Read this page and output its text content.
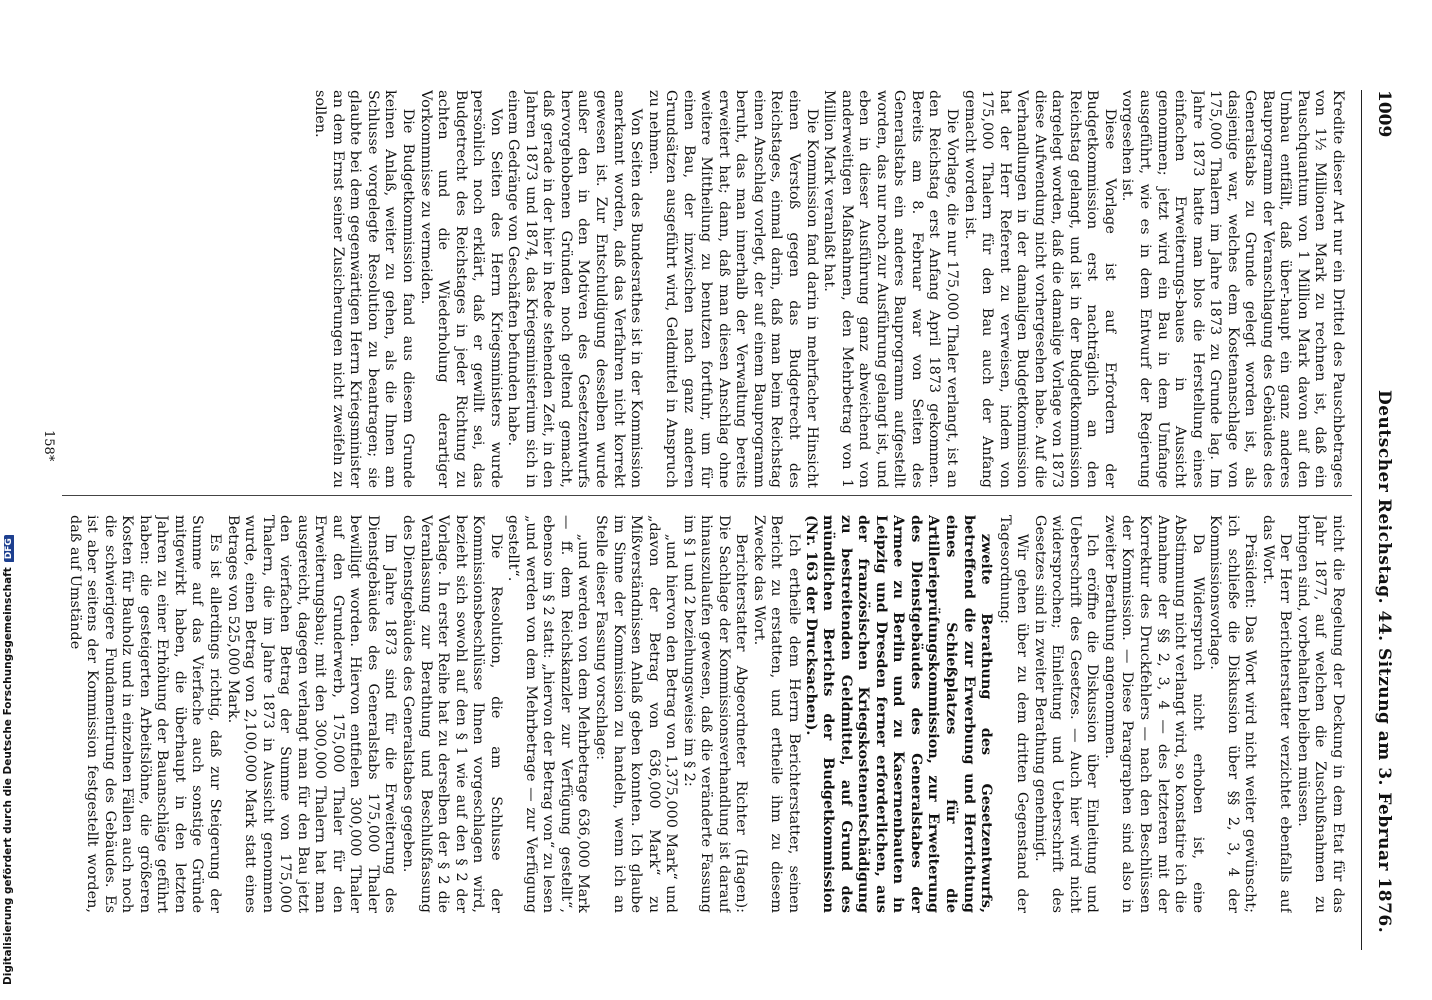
Digitalisierung gefördert durch die Deutsche ForschungsgemeinschaftDFG
1009
Deutscher Reichstag. 44. Sitzung am 3. Februar 1876.

Kredite dieser Art nur ein Drittel des Pauschbetrages von 1½ Millionen Mark zu rechnen ist, daß ein Pauschquantum von 1 Million Mark davon auf den Umbau entfällt, daß über-haupt ein ganz anderes Bauprogramm der Veranschlagung des Gebäudes des Generalstabs zu Grunde gelegt worden ist, als dasjenige war, welches dem Kostenanschlage von 175,000 Thalern im Jahre 1873 zu Grunde lag. Im Jahre 1873 hatte man blos die Herstellung eines einfachen Erweiterungs-baues in Aussicht genommen; jetzt wird ein Bau in dem Umfange ausgeführt, wie es in dem Entwurf der Regierung vorgesehen ist.

Diese Vorlage ist auf Erfordern der Budgetkommission erst nachträglich an den Reichstag gelangt, und ist in der Budgetkommission dargelegt worden, daß die damalige Vorlage von 1873 diese Aufwendung nicht vorhergesehen habe. Auf die Verhandlungen in der damaligen Budgetkommission hat der Herr Referent zu verweisen, indem von 175,000 Thalern für den Bau auch der Anfang gemacht worden ist.

Die Vorlage, die nur 175,000 Thaler verlangt, ist an den Reichstag erst Anfang April 1873 gekommen. Bereits am 8. Februar war von Seiten des Generalstabs ein anderes Bauprogramm aufgestellt worden, das nur noch zur Ausführung gelangt ist, und eben in dieser Ausführung ganz abweichend von anderweitigen Maßnahmen, den Mehrbetrag von 1 Million Mark veranlaßt hat.

Die Kommission fand darin in mehrfacher Hinsicht einen Verstoß gegen das Budgetrecht des Reichstages, einmal darin, daß man beim Reichstag einen Anschlag vorlegt, der auf einem Bauprogramm beruht, das man innerhalb der Verwaltung bereits erweitert hat; dann, daß man diesen Anschlag ohne weitere Mittheilung zu benutzen fortfuhr, um für einen Bau, der inzwischen nach ganz anderen Grundsätzen ausgeführt wird, Geldmittel in Anspruch zu nehmen.

Von Seiten des Bundesrathes ist in der Kommission anerkannt worden, daß das Verfahren nicht korrekt gewesen ist. Zur Entschuldigung desselben wurde außer den in den Motiven des Gesetzentwurfs hervorgehobenen Gründen noch geltend gemacht, daß gerade in der hier in Rede stehenden Zeit, in den Jahren 1873 und 1874, das Kriegsministerium sich in einem Gedränge von Geschäften befunden habe.

Von Seiten des Herrn Kriegsministers wurde persönlich noch erklärt, daß er gewillt sei, das Budgetrecht des Reichstages in jeder Richtung zu achten und die Wiederholung derartiger Vorkommnisse zu vermeiden.

Die Budgetkommission fand aus diesem Grunde keinen Anlaß, weiter zu gehen, als die Ihnen am Schlusse vorgelegte Resolution zu beantragen; sie glaubte bei dem gegenwärtigen Herrn Kriegsminister an dem Ernst seiner Zusicherungen nicht zweifeln zu sollen.

nicht die Regelung der Deckung in dem Etat für das Jahr 1877, auf welchen die Zuschußnahmen zu bringen sind, vorbehalten bleiben müssen.

Der Herr Berichterstatter verzichtet ebenfalls auf das Wort.

Präsident: Das Wort wird nicht weiter gewünscht; ich schließe die Diskussion über §§ 2, 3, 4 der Kommissionsvorlage.

Da Widerspruch nicht erhoben ist, eine Abstimmung nicht verlangt wird, so konstatire ich die Annahme der §§ 2, 3, 4 — des letzteren mit der Korrektur des Druckfehlers — nach den Beschlüssen der Kommission. — Diese Paragraphen sind also in zweiter Berathung angenommen.

Ich eröffne die Diskussion über Einleitung und Ueberschrift des Gesetzes. — Auch hier wird nicht widersprochen; Einleitung und Ueberschrift des Gesetzes sind in zweiter Berathung genehmigt.

Wir gehen über zu dem dritten Gegenstand der Tagesordnung:

zweite Berathung des Gesetzentwurfs, betreffend die zur Erwerbung und Herrichtung eines Schießplatzes für die Artillerieprüfungskommission, zur Erweiterung des Dienstgebäudes des Generalstabes der Armee zu Berlin und zu Kasernenbauten in Leipzig und Dresden ferner erforderlichen, aus der französischen Kriegskostenentschädigung zu bestreitenden Geldmittel, auf Grund des mündlichen Berichts der Budgetkommission (Nr. 163 der Drucksachen).

Ich ertheile dem Herrn Berichterstatter, seinen Bericht zu erstatten, und ertheile ihm zu diesem Zwecke das Wort.

Berichterstatter Abgeordneter Richter (Hagen): Die Sachlage der Kommissionsverhandlung ist darauf hinauszulaufen gewesen, daß die veränderte Fassung im § 1 und 2 beziehungsweise im § 2:

„und hiervon den Betrag von 1,375,000 Mark“ und „davon der Betrag von 636,000 Mark“ zu Mißverständnissen Anlaß geben konnten. Ich glaube im Sinne der Kommission zu handeln, wenn ich an Stelle dieser Fassung vorschlage:

„und werden von dem Mehrbetrage 636,000 Mark — ff. dem Reichskanzler zur Verfügung gestellt“, ebenso im § 2 statt: „hiervon der Betrag von“ zu lesen „und werden von dem Mehrbetrage — zur Verfügung gestellt“.

Die Resolution, die am Schlusse der Kommissionsbeschlüsse Ihnen vorgeschlagen wird, bezieht sich sowohl auf den § 1 wie auf den § 2 der Vorlage. In erster Reihe hat zu derselben der § 2 die Veranlassung zur Berathung und Beschlußfassung des Dienstgebäudes des Generalstabes gegeben.

Im Jahre 1873 sind für die Erweiterung des Dienstgebäudes des Generalstabs 175,000 Thaler bewilligt worden. Hiervon entfielen 300,000 Thaler auf den Grunderwerb, 175,000 Thaler für den Erweiterungsbau; mit den 300,000 Thalern hat man ausgereicht, dagegen verlangt man für den Bau jetzt den vierfachen Betrag der Summe von 175,000 Thalern, die im Jahre 1873 in Aussicht genommen wurde, einen Betrag von 2,100,000 Mark statt eines Betrages von 525,000 Mark.

Es ist allerdings richtig, daß zur Steigerung der Summe auf das Vierfache auch sonstige Gründe mitgewirkt haben, die überhaupt in den letzten Jahren zu einer Erhöhung der Bauanschläge geführt haben: die gesteigerten Arbeitslöhne, die größeren Kosten für Bauholz und in einzelnen Fällen auch noch die schwierigere Fundamentirung des Gebäudes. Es ist aber seitens der Kommission festgestellt worden, daß auf Umstände

158*
